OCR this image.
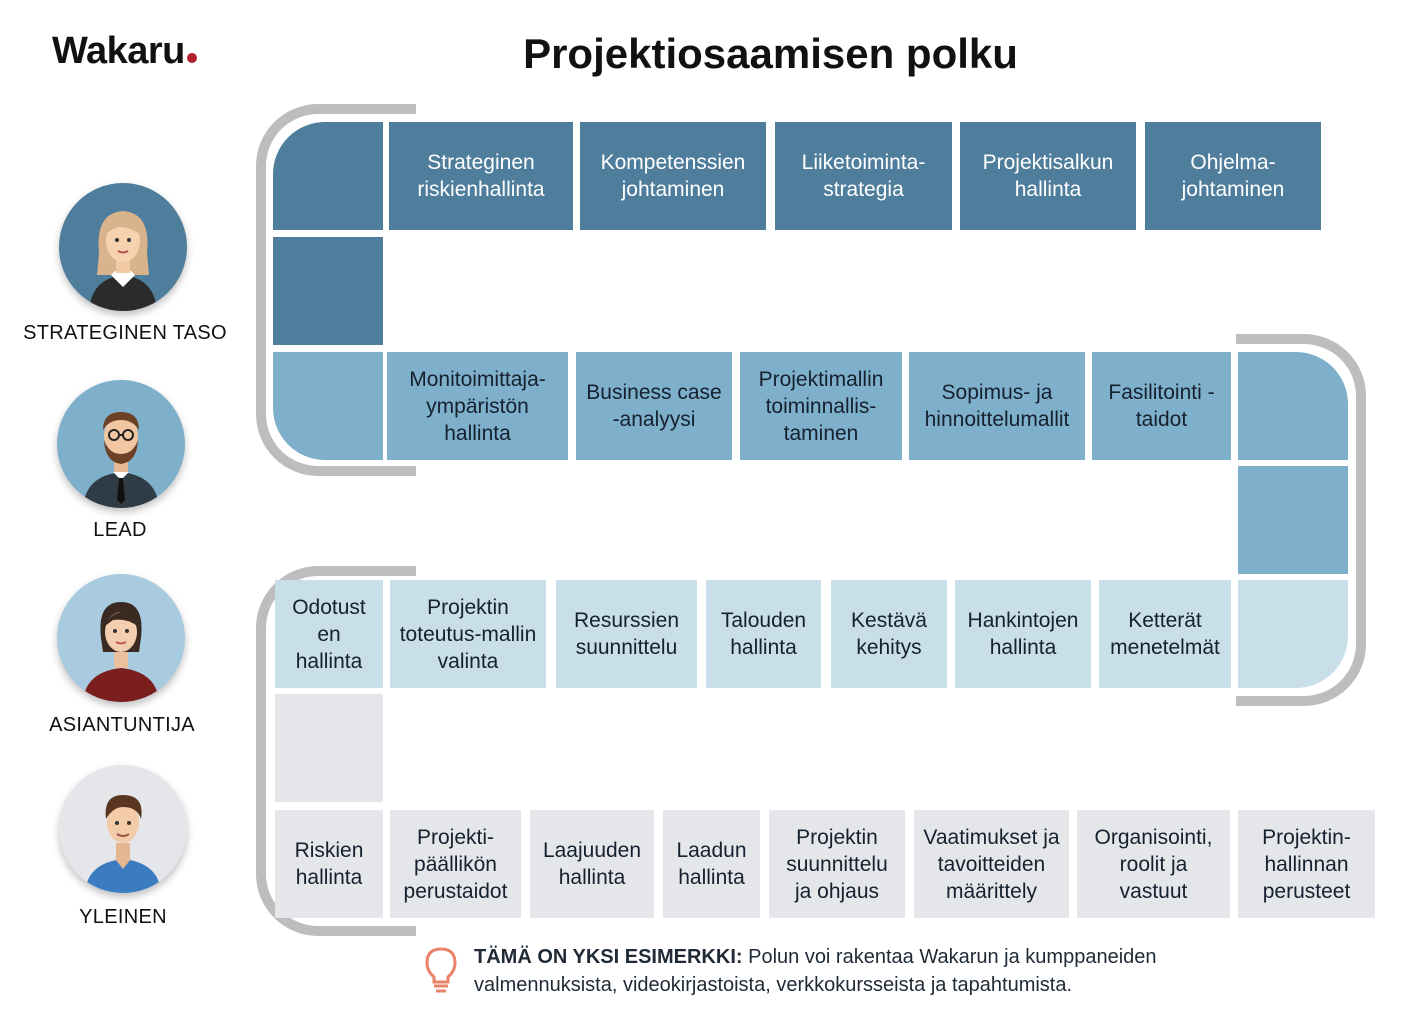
Wakaru	Projektiosaamisen polku
Strateginen riskienhallinta
Kompetenssien johtaminen
Liiketoiminta-strategia
Projektisalkun hallinta
Ohjelma-johtaminen
Monitoimittaja-ympäristön hallinta
Business case -analyysi
Projektimallin toiminnallis-taminen
Sopimus- ja hinnoittelumallit
Fasilitointi -taidot
Odotust en hallinta
Projektin toteutus-mallin valinta
Resurssien suunnittelu
Talouden hallinta
Kestävä kehitys
Hankintojen hallinta
Ketterät menetelmät
Riskien hallinta
Projekti-päällikön perustaidot
Laajuuden hallinta
Laadun hallinta
Projektin suunnittelu ja ohjaus
Vaatimukset ja tavoitteiden määrittely
Organisointi, roolit ja vastuut
Projektin-hallinnan perusteet
STRATEGINEN TASO
LEAD
ASIANTUNTIJA
YLEINEN
TÄMÄ ON YKSI ESIMERKKI: Polun voi rakentaa Wakarun ja kumppaneiden valmennuksista, videokirjastoista, verkkokursseista ja tapahtumista.
